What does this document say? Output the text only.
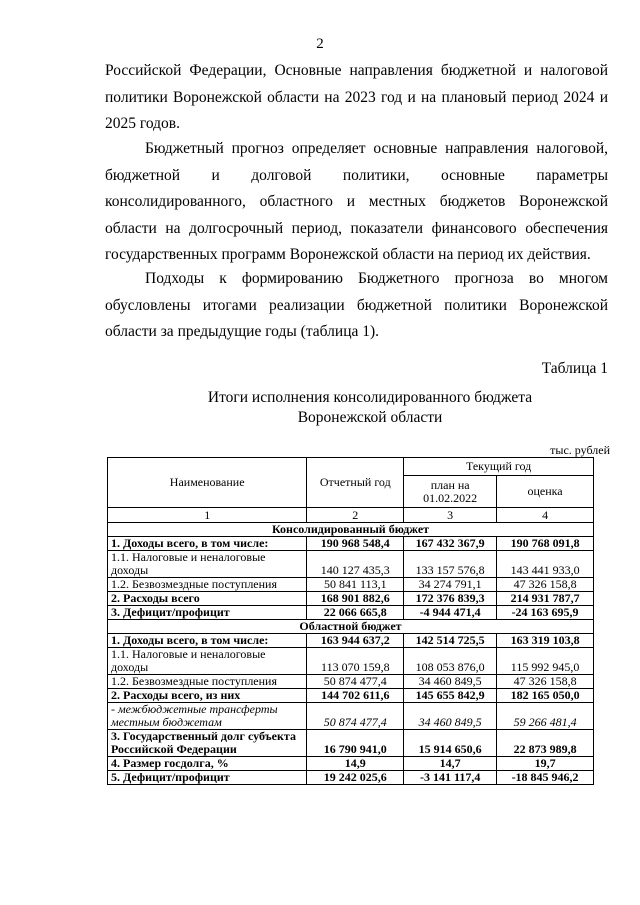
2

Российской Федерации, Основные направления бюджетной и налоговой политики Воронежской области на 2023 год и на плановый период 2024 и 2025 годов.

Бюджетный прогноз определяет основные направления налоговой, бюджетной и долговой политики, основные параметры консолидированного, областного и местных бюджетов Воронежской области на долгосрочный период, показатели финансового обеспечения государственных программ Воронежской области на период их действия.

Подходы к формированию Бюджетного прогноза во многом обусловлены итогами реализации бюджетной политики Воронежской области за предыдущие годы (таблица 1).

Таблица 1
Итоги исполнения консолидированного бюджета
Воронежской области
тыс. рублей
Наименование	Отчетный год	Текущий год	
		план на 01.02.2022	оценка
1	2	3	4
Консолидированный бюджет			
1. Доходы всего, в том числе:	190 968 548,4	167 432 367,9	190 768 091,8
1.1. Налоговые и неналоговые доходы	140 127 435,3	133 157 576,8	143 441 933,0
1.2. Безвозмездные поступления	50 841 113,1	34 274 791,1	47 326 158,8
2. Расходы всего	168 901 882,6	172 376 839,3	214 931 787,7
3. Дефицит/профицит	22 066 665,8	-4 944 471,4	-24 163 695,9
Областной бюджет			
1. Доходы всего, в том числе:	163 944 637,2	142 514 725,5	163 319 103,8
1.1. Налоговые и неналоговые доходы	113 070 159,8	108 053 876,0	115 992 945,0
1.2. Безвозмездные поступления	50 874 477,4	34 460 849,5	47 326 158,8
2. Расходы всего, из них	144 702 611,6	145 655 842,9	182 165 050,0
- межбюджетные трансферты местным бюджетам	50 874 477,4	34 460 849,5	59 266 481,4
3. Государственный долг субъекта Российской Федерации	16 790 941,0	15 914 650,6	22 873 989,8
4. Размер госдолга, %	14,9	14,7	19,7
5. Дефицит/профицит	19 242 025,6	-3 141 117,4	-18 845 946,2
